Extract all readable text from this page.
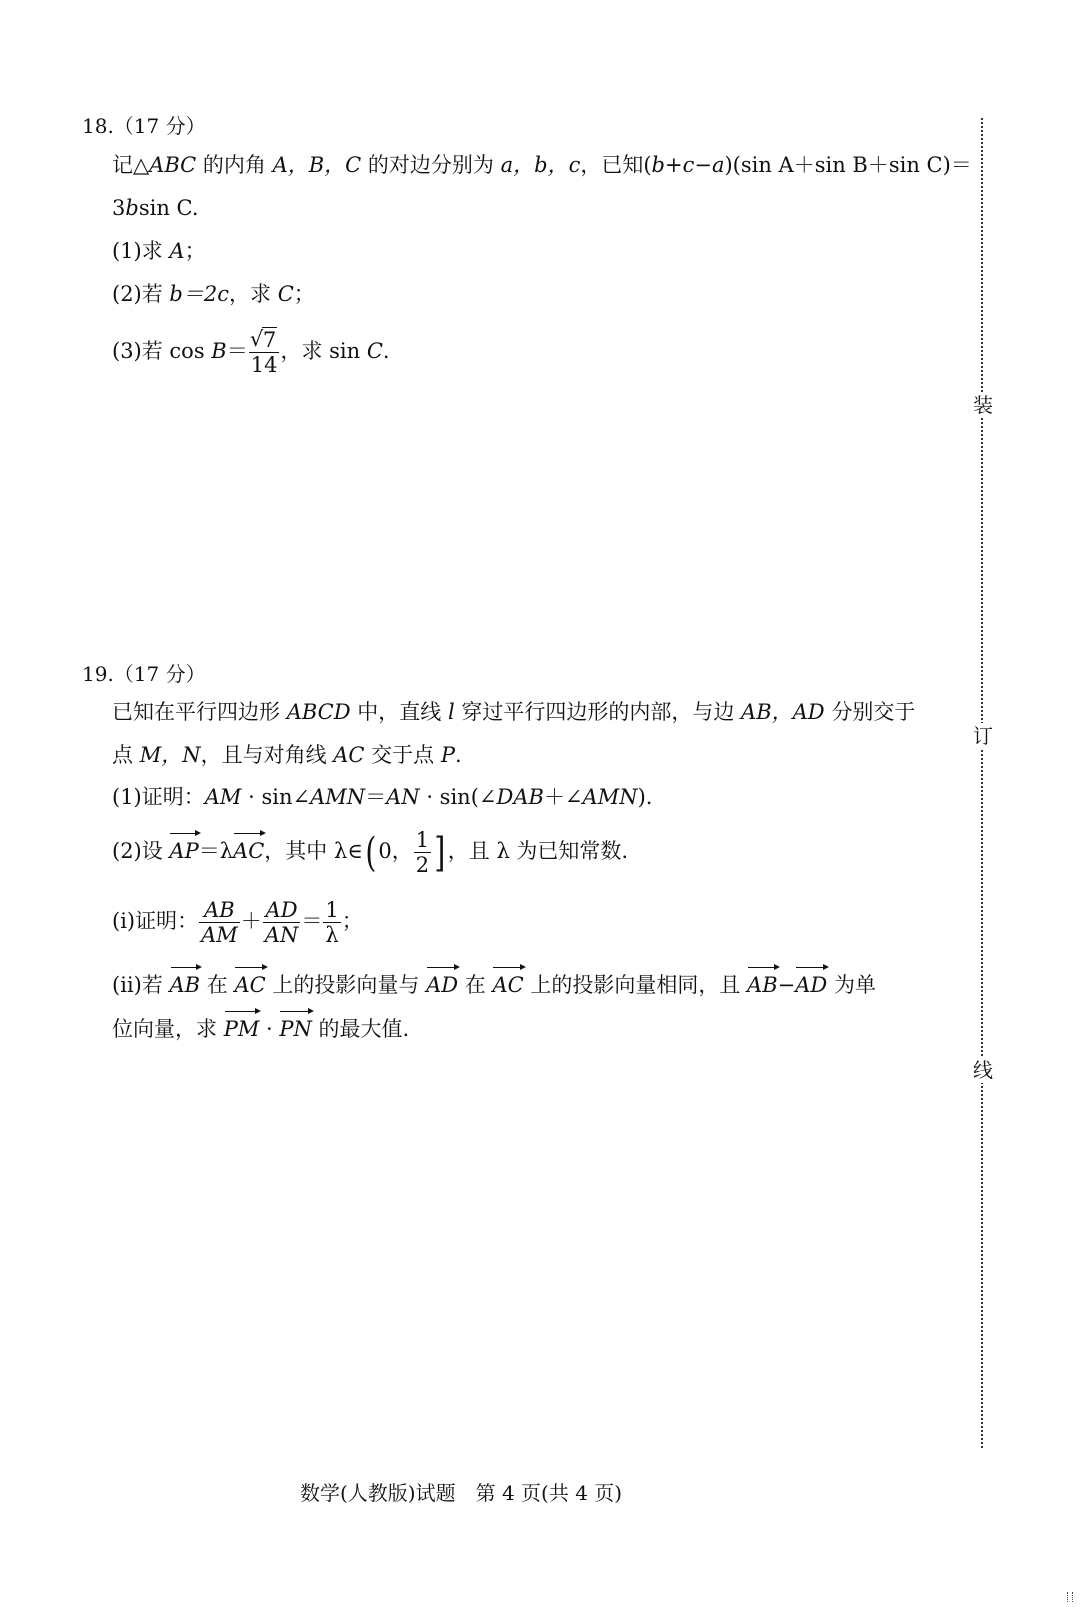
18.（17 分）
记△ABC 的内角 A，B，C 的对边分别为 a，b，c，已知(b+c−a)(sin A＋sin B＋sin C)＝
3bsin C.
(1)求 A；
(2)若 b＝2c，求 C；
(3)若 cos B＝
√ $\frac{7}{14}$ ，求 sin C.
19.（17 分）
已知在平行四边形 ABCD 中，直线 l 穿过平行四边形的内部，与边 AB，AD 分别交于
点 M，N，且与对角线 AC 交于点 P.
(1)证明：AM · sin∠AMN＝AN · sin(∠DAB＋∠AMN).
(2)设 AP＝λAC，其中 λ∈( 0， $\frac{1}{2}$ ] ，且 λ 为已知常数.
(ⅰ)证明： $\frac{AB}{AM} + \frac{AD}{AN} = \frac{1}{\lambda}$ ；
(ⅱ)若 AB 在 AC 上的投影向量与 AD 在 AC 上的投影向量相同，且 AB−AD 为单
位向量，求 PM · PN 的最大值.
装
订
线
数学(人教版)试题　第 4 页(共 4 页)
